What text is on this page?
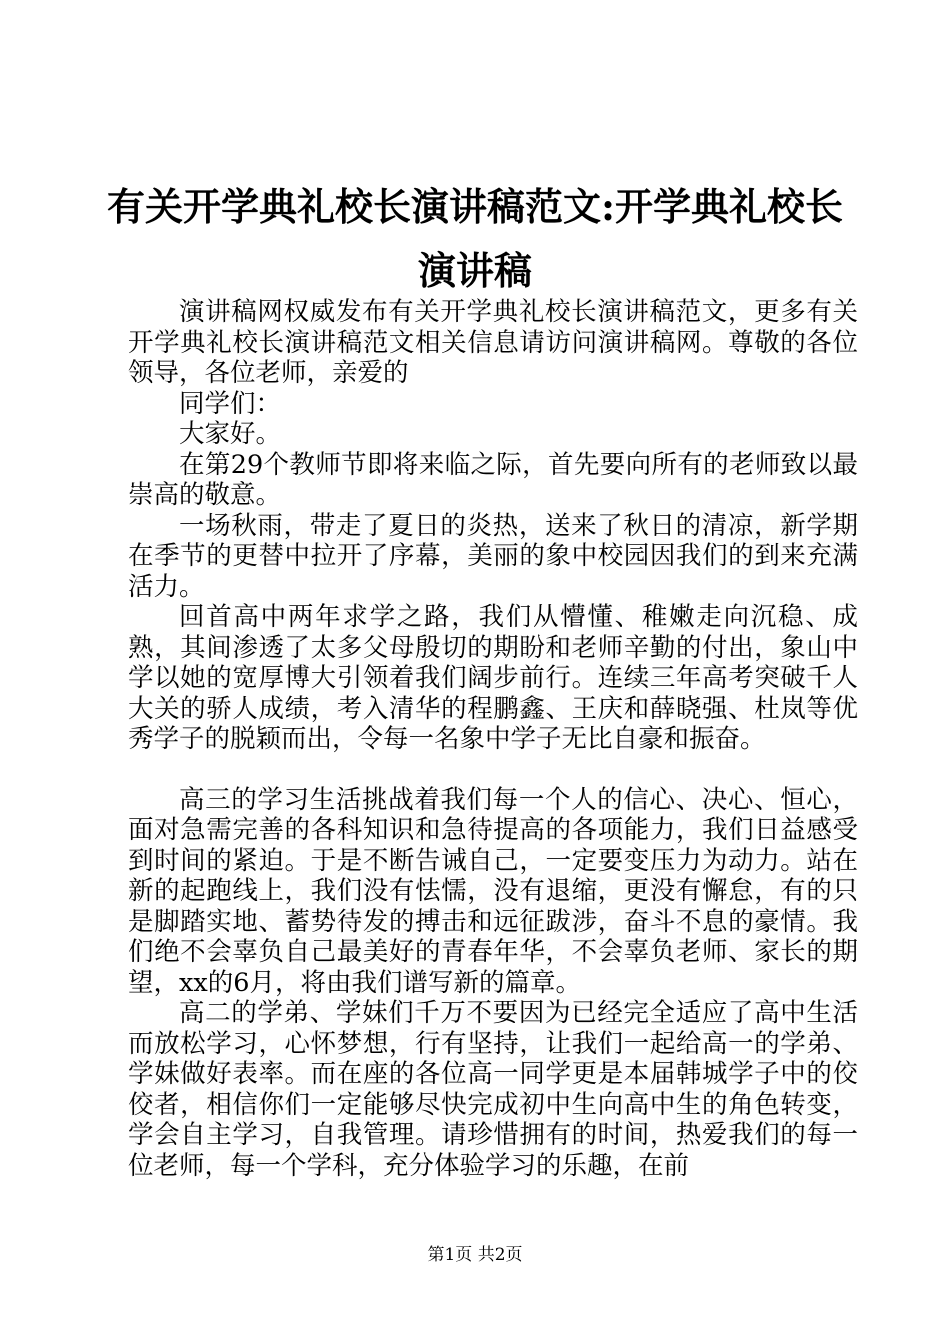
有关开学典礼校长演讲稿范文:开学典礼校长
演讲稿

演讲稿网权威发布有关开学典礼校长演讲稿范文，更多有关开学典礼校长演讲稿范文相关信息请访问演讲稿网。尊敬的各位领导，各位老师，亲爱的

同学们：

大家好。

在第29个教师节即将来临之际，首先要向所有的老师致以最崇高的敬意。

一场秋雨，带走了夏日的炎热，送来了秋日的清凉，新学期在季节的更替中拉开了序幕，美丽的象中校园因我们的到来充满活力。

回首高中两年求学之路，我们从懵懂、稚嫩走向沉稳、成熟，其间渗透了太多父母殷切的期盼和老师辛勤的付出，象山中学以她的宽厚博大引领着我们阔步前行。连续三年高考突破千人大关的骄人成绩，考入清华的程鹏鑫、王庆和薛晓强、杜岚等优秀学子的脱颖而出，令每一名象中学子无比自豪和振奋。

高三的学习生活挑战着我们每一个人的信心、决心、恒心，面对急需完善的各科知识和急待提高的各项能力，我们日益感受到时间的紧迫。于是不断告诫自己，一定要变压力为动力。站在新的起跑线上，我们没有怯懦，没有退缩，更没有懈怠，有的只是脚踏实地、蓄势待发的搏击和远征跋涉，奋斗不息的豪情。我们绝不会辜负自己最美好的青春年华，不会辜负老师、家长的期望，xx的6月，将由我们谱写新的篇章。

高二的学弟、学妹们千万不要因为已经完全适应了高中生活而放松学习，心怀梦想，行有坚持，让我们一起给高一的学弟、学妹做好表率。而在座的各位高一同学更是本届韩城学子中的佼佼者，相信你们一定能够尽快完成初中生向高中生的角色转变，学会自主学习，自我管理。请珍惜拥有的时间，热爱我们的每一位老师，每一个学科，充分体验学习的乐趣，在前

第1页 共2页
